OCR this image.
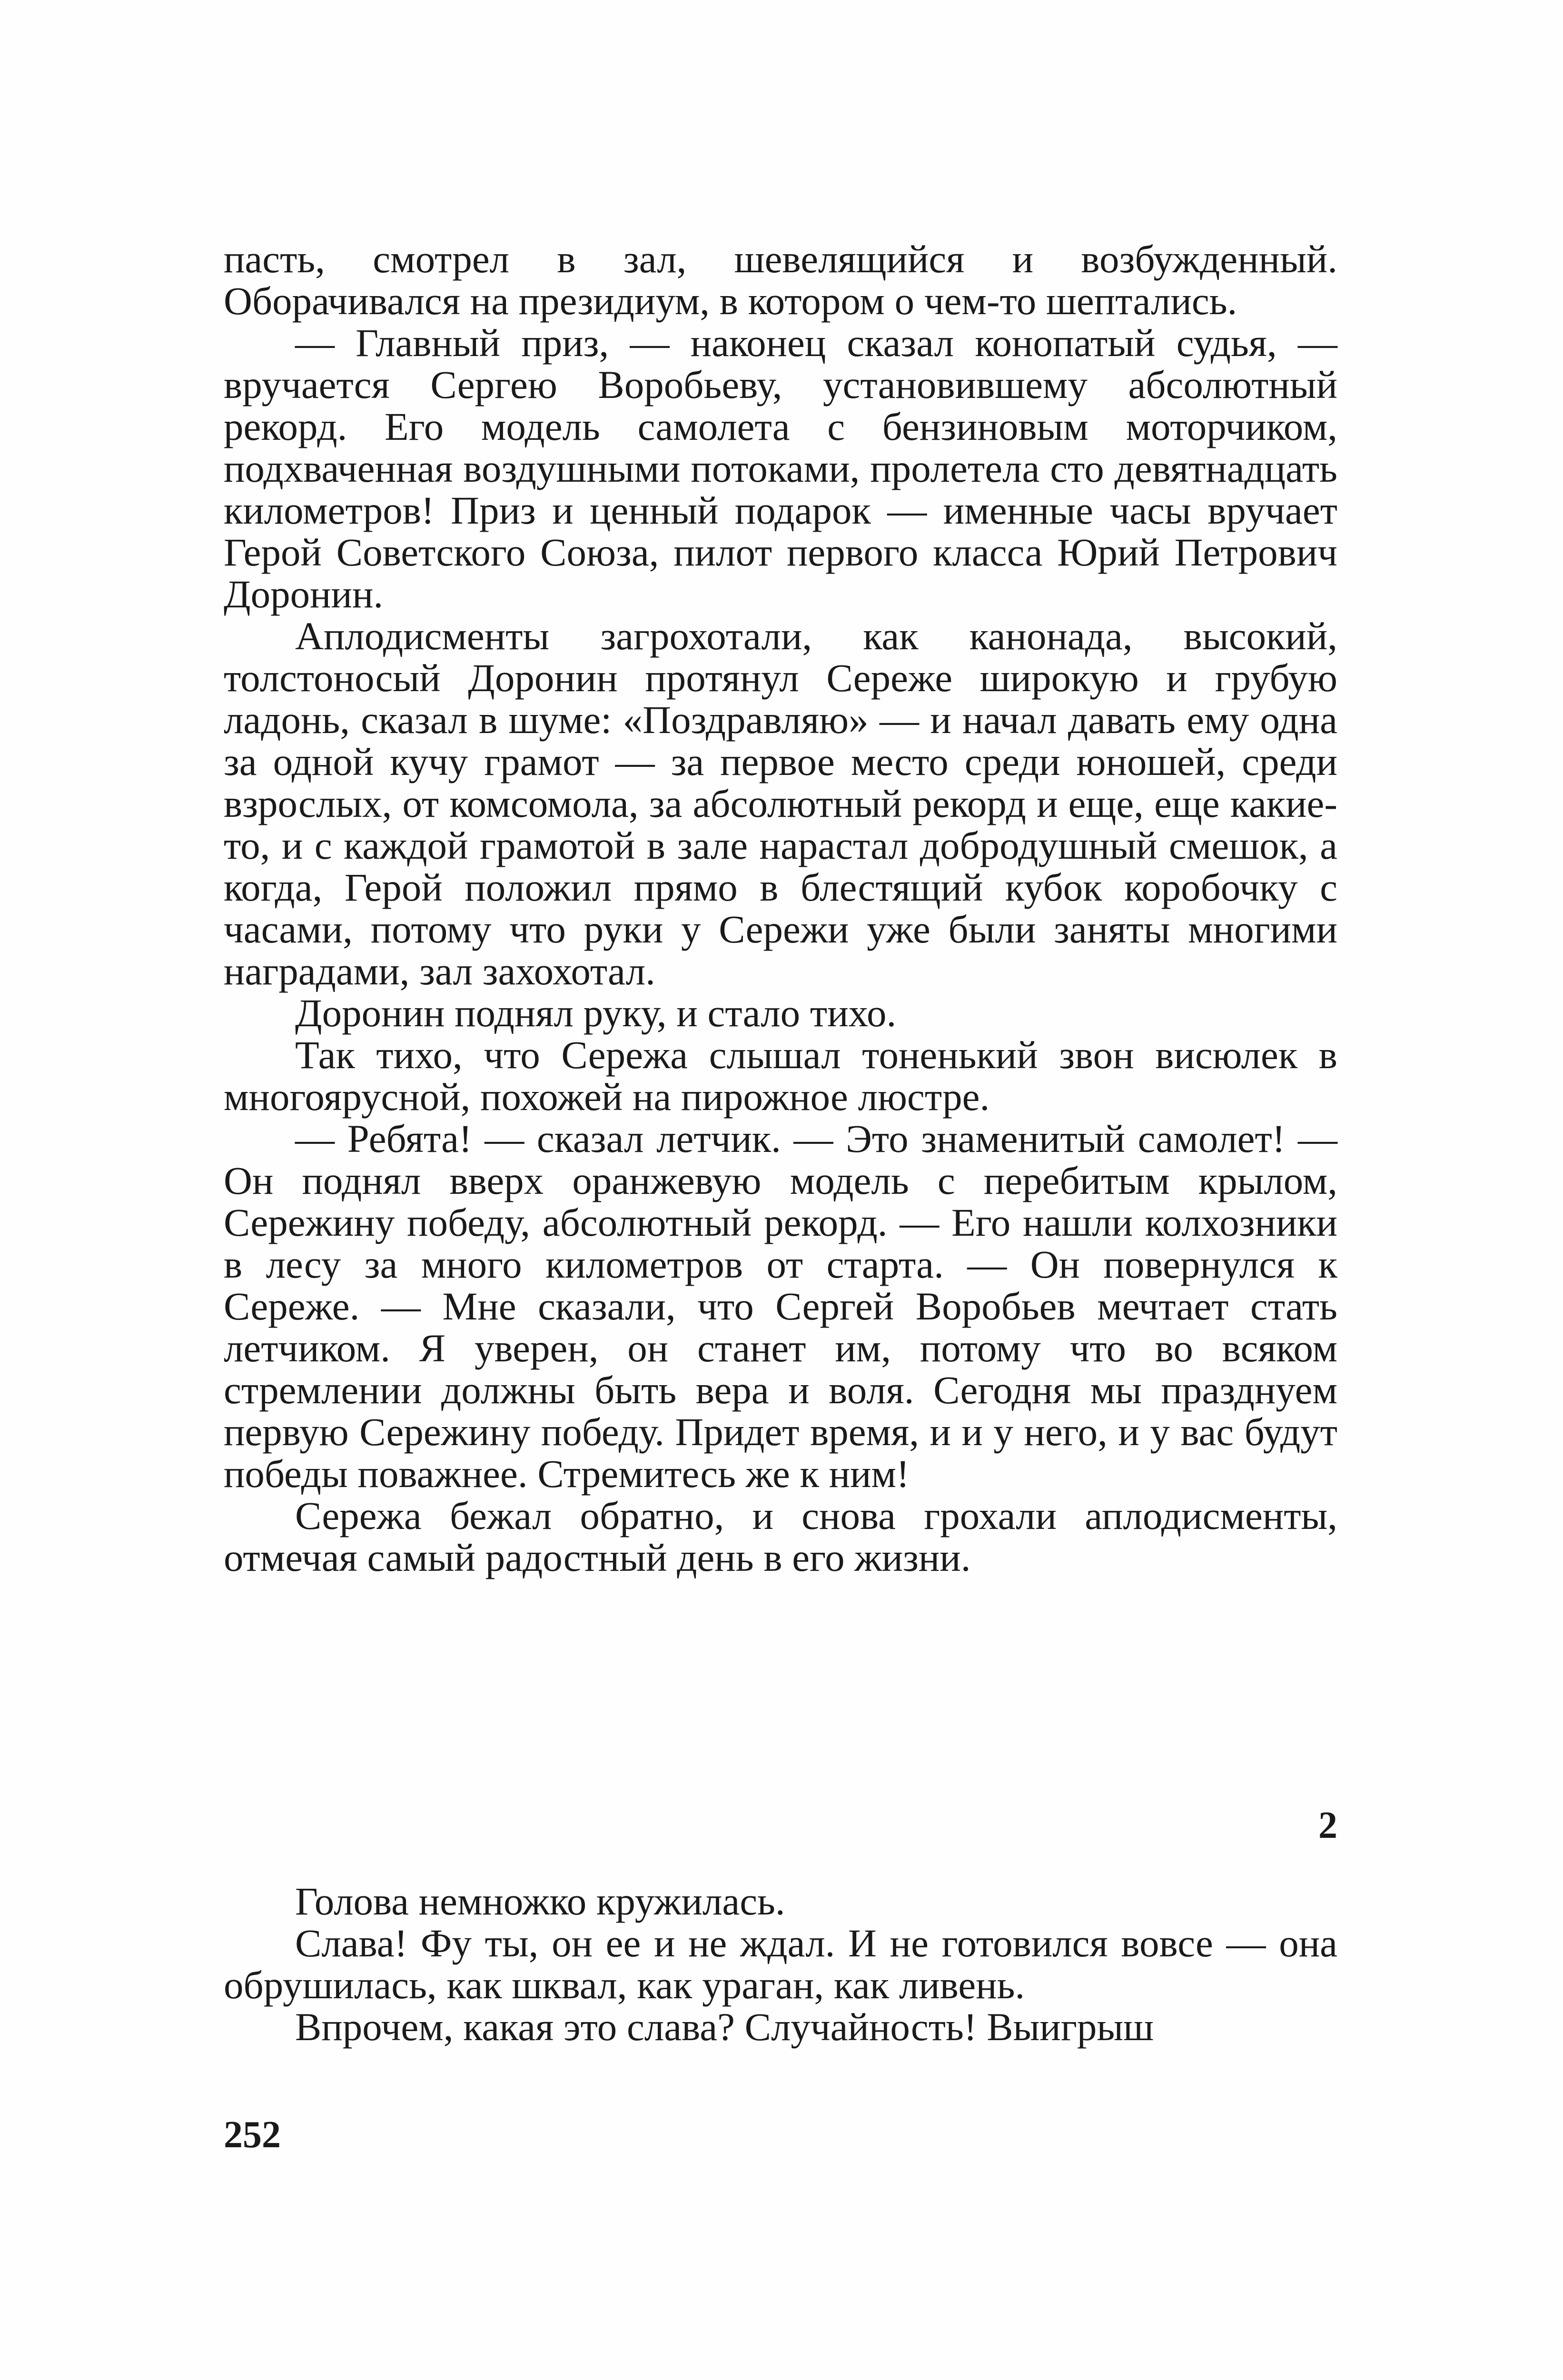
пасть, смотрел в зал, шевелящийся и возбужденный. Оборачивался на президиум, в котором о чем-то шептались.

— Главный приз, — наконец сказал конопатый судья, — вручается Сергею Воробьеву, установившему абсолютный рекорд. Его модель самолета с бензиновым моторчиком, подхваченная воздушными потоками, пролетела сто девятнадцать километров! Приз и ценный подарок — именные часы вручает Герой Советского Союза, пилот первого класса Юрий Петрович Доронин.

Аплодисменты загрохотали, как канонада, высокий, толстоносый Доронин протянул Сереже широкую и грубую ладонь, сказал в шуме: «Поздравляю» — и начал давать ему одна за одной кучу грамот — за первое место среди юношей, среди взрослых, от комсомола, за абсолютный рекорд и еще, еще какие-то, и с каждой грамотой в зале нарастал добродушный смешок, а когда, Герой положил прямо в блестящий кубок коробочку с часами, потому что руки у Сережи уже были заняты многими наградами, зал захохотал.

Доронин поднял руку, и стало тихо.

Так тихо, что Сережа слышал тоненький звон висюлек в многоярусной, похожей на пирожное люстре.

— Ребята! — сказал летчик. — Это знаменитый самолет! — Он поднял вверх оранжевую модель с перебитым крылом, Сережину победу, абсолютный рекорд. — Его нашли колхозники в лесу за много километров от старта. — Он повернулся к Сереже. — Мне сказали, что Сергей Воробьев мечтает стать летчиком. Я уверен, он станет им, потому что во всяком стремлении должны быть вера и воля. Сегодня мы празднуем первую Сережину победу. Придет время, и и у него, и у вас будут победы поважнее. Стремитесь же к ним!

Сережа бежал обратно, и снова грохали аплодисменты, отмечая самый радостный день в его жизни.

2

Голова немножко кружилась.

Слава! Фу ты, он ее и не ждал. И не готовился вовсе — она обрушилась, как шквал, как ураган, как ливень.

Впрочем, какая это слава? Случайность! Выигрыш

252
